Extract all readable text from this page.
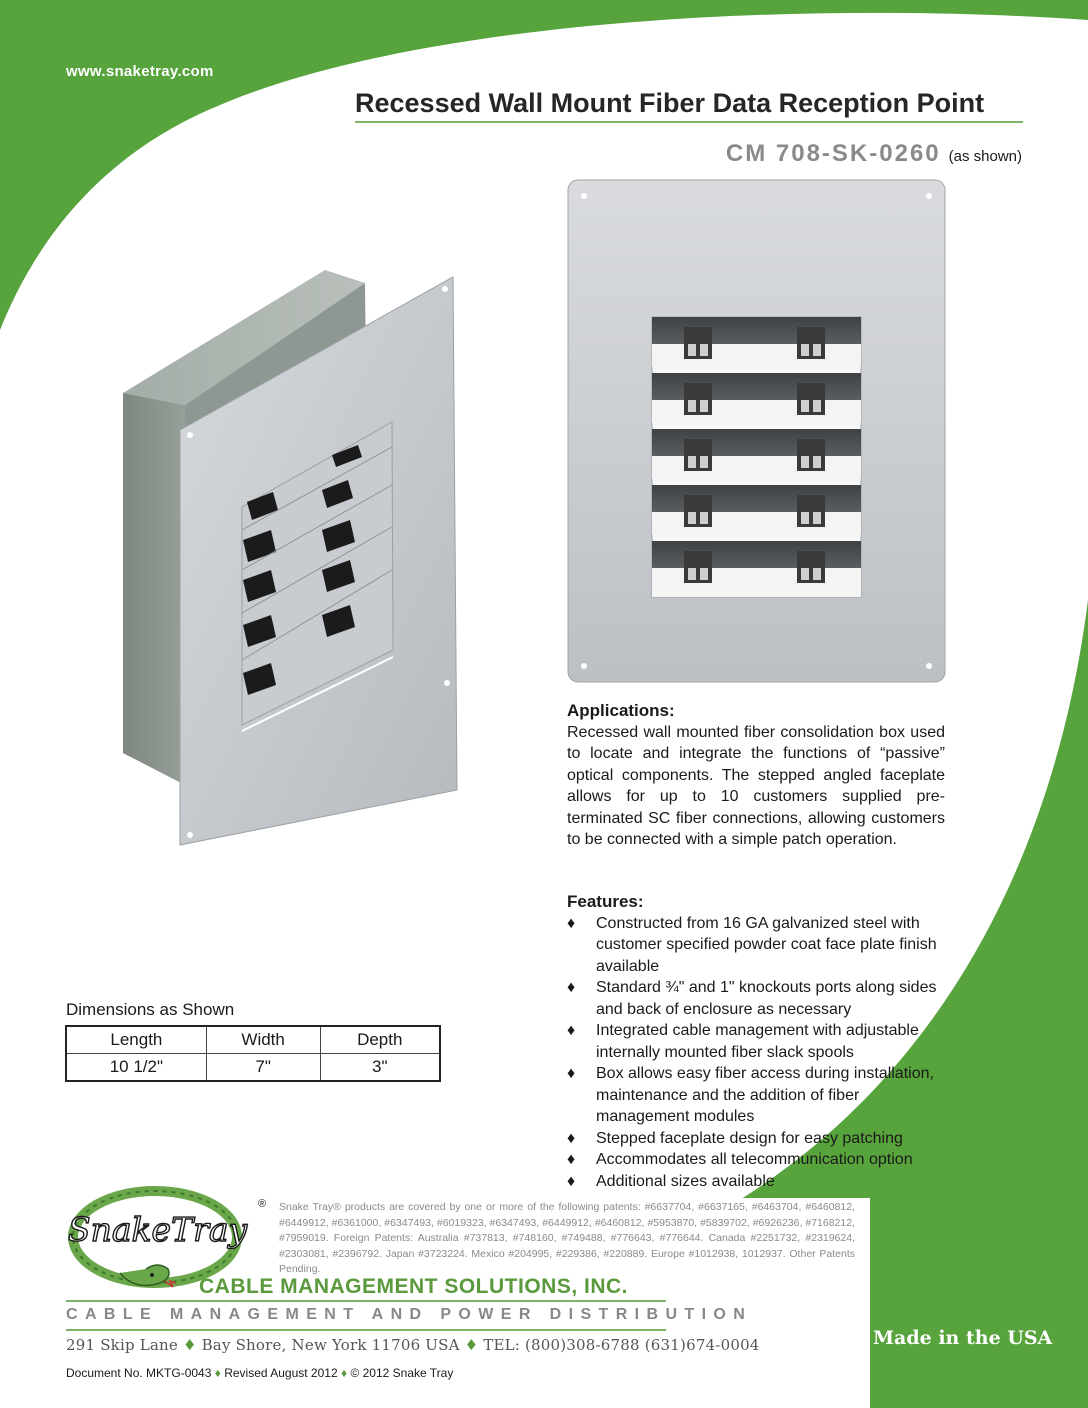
www.snaketray.com
Recessed Wall Mount Fiber Data Reception Point
CM 708-SK-0260 (as shown)
Applications:

Recessed wall mounted fiber consolidation box used to locate and integrate the functions of “passive” optical components. The stepped angled faceplate allows for up to 10 customers supplied pre-terminated SC fiber connections, allowing customers to be connected with a simple patch operation.

Features:
♦ Constructed from 16 GA galvanized steel with customer specified powder coat face plate finish available
♦ Standard ¾" and 1" knockouts ports along sides and back of enclosure as necessary
♦ Integrated cable management with adjustable internally mounted fiber slack spools
♦ Box allows easy fiber access during installation, maintenance and the addition of fiber management modules
♦ Stepped faceplate design for easy patching
♦ Accommodates all telecommunication option
♦ Additional sizes available
Dimensions as Shown
Length	Width	Depth
10 1/2"	7"	3"
SnakeTray
® Snake Tray® products are covered by one or more of the following patents: #6637704, #6637165, #6463704, #6460812, #6449912, #6361000, #6347493, #6019323, #6347493, #6449912, #6460812, #5953870, #5839702, #6926236, #7168212, #7959019. Foreign Patents: Australia #737813, #748160, #749488, #776643, #776644. Canada #2251732, #2319624, #2303081, #2396792. Japan #3723224. Mexico #204995, #229386, #220889. Europe #1012938, 1012937. Other Patents Pending.
CABLE MANAGEMENT SOLUTIONS, INC.
CABLE MANAGEMENT AND POWER DISTRIBUTION
291 Skip Lane ♦ Bay Shore, New York 11706 USA ♦ TEL: (800)308-6788 (631)674-0004
Document No. MKTG-0043 ♦ Revised August 2012 ♦ © 2012 Snake Tray
Made in the USA
